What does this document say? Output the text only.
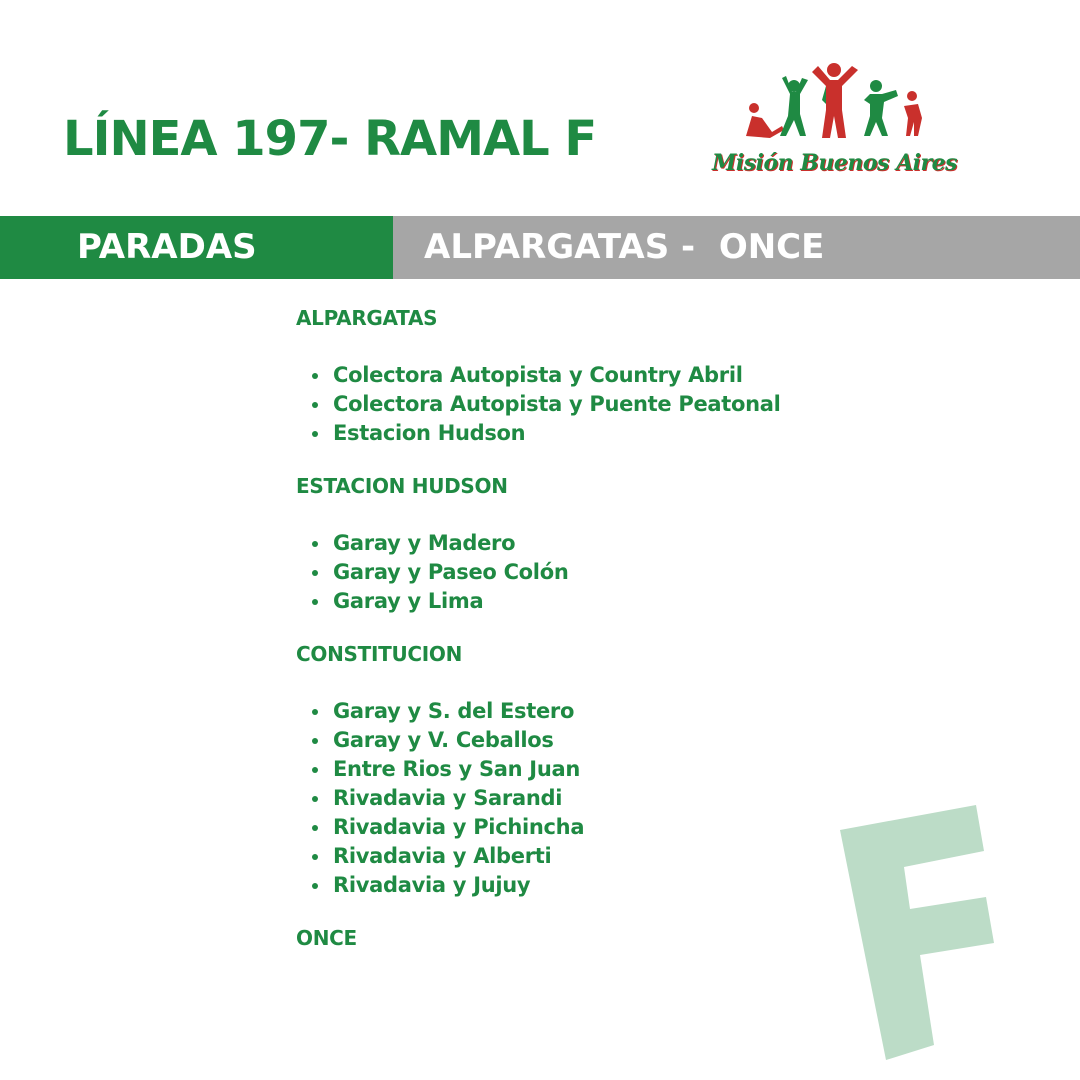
LÍNEA 197- RAMAL F	Misión Buenos Aires
PARADAS	ALPARGATAS -  ONCE
ALPARGATAS
Colectora Autopista y Country Abril
Colectora Autopista y Puente Peatonal
Estacion Hudson
ESTACION HUDSON
Garay y Madero
Garay y Paseo Colón
Garay y Lima
CONSTITUCION
Garay y S. del Estero
Garay y V. Ceballos
Entre Rios y San Juan
Rivadavia y Sarandi
Rivadavia y Pichincha
Rivadavia y Alberti
Rivadavia y Jujuy
ONCE
